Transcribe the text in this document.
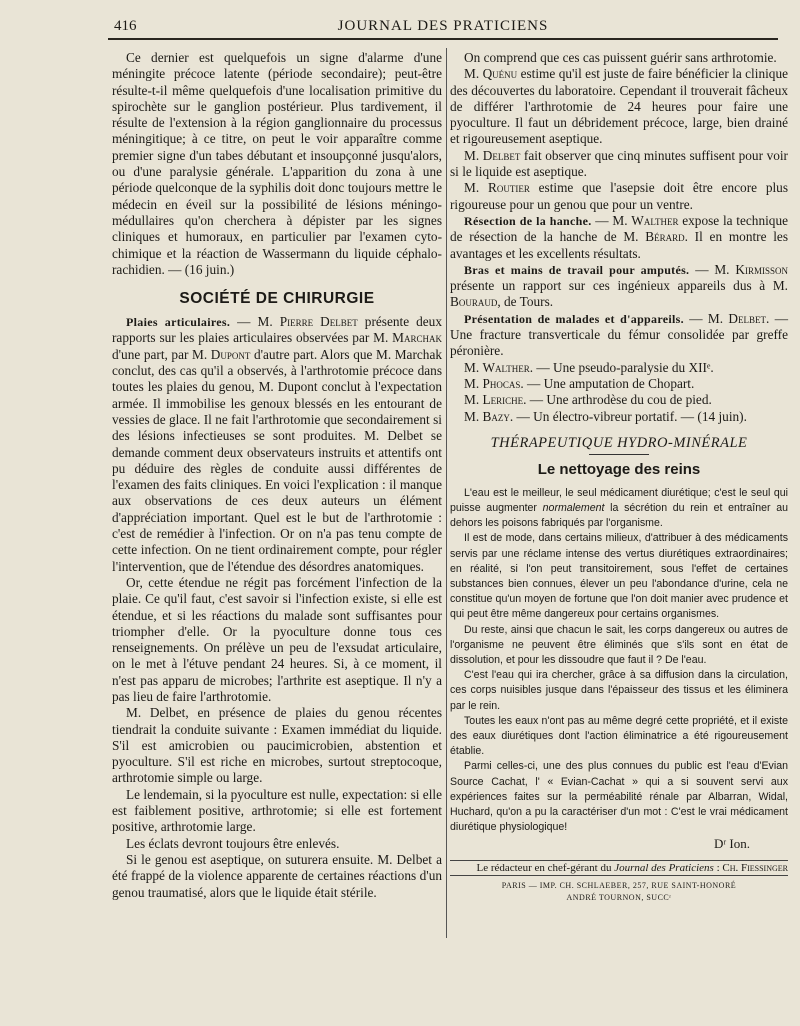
416	JOURNAL DES PRATICIENS

Ce dernier est quelquefois un signe d'alarme d'une méningite précoce latente (période secondaire); peut-être résulte-t-il même quelquefois d'une localisation primitive du spirochète sur le ganglion postérieur. Plus tardivement, il résulte de l'extension à la région ganglionnaire du processus méningitique; à ce titre, on peut le voir apparaître comme premier signe d'un tabes débutant et insoupçonné jusqu'alors, ou d'une paralysie générale. L'apparition du zona à une période quelconque de la syphilis doit donc toujours mettre le médecin en éveil sur la possibilité de lésions méningo-médullaires qu'on cherchera à dépister par les signes cliniques et humoraux, en particulier par l'examen cyto-chimique et la réaction de Wassermann du liquide céphalo-rachidien. — (16 juin.)

SOCIÉTÉ DE CHIRURGIE

Plaies articulaires. — M. Pierre Delbet présente deux rapports sur les plaies articulaires observées par M. Marchak d'une part, par M. Dupont d'autre part. Alors que M. Marchak conclut, des cas qu'il a observés, à l'arthrotomie précoce dans toutes les plaies du genou, M. Dupont conclut à l'expectation armée. Il immobilise les genoux blessés en les entourant de vessies de glace. Il ne fait l'arthrotomie que secondairement si des lésions infectieuses se sont produites. M. Delbet se demande comment deux observateurs instruits et attentifs ont pu déduire des règles de conduite aussi différentes de l'examen des faits cliniques. En voici l'explication : il manque aux observations de ces deux auteurs un élément d'appréciation important. Quel est le but de l'arthrotomie : c'est de remédier à l'infection. Or on n'a pas tenu compte de cette infection. On ne tient ordinairement compte, pour régler l'intervention, que de l'étendue des désordres anatomiques.

Or, cette étendue ne régit pas forcément l'infection de la plaie. Ce qu'il faut, c'est savoir si l'infection existe, si elle est étendue, et si les réactions du malade sont suffisantes pour triompher d'elle. Or la pyoculture donne tous ces renseignements. On prélève un peu de l'exsudat articulaire, on le met à l'étuve pendant 24 heures. Si, à ce moment, il n'est pas apparu de microbes; l'arthrite est aseptique. Il n'y a pas lieu de faire l'arthrotomie.

M. Delbet, en présence de plaies du genou récentes tiendrait la conduite suivante : Examen immédiat du liquide. S'il est amicrobien ou paucimicrobien, abstention et pyoculture. S'il est riche en microbes, surtout streptocoque, arthrotomie simple ou large.

Le lendemain, si la pyoculture est nulle, expectation: si elle est faiblement positive, arthrotomie; si elle est fortement positive, arthrotomie large.

Les éclats devront toujours être enlevés.

Si le genou est aseptique, on suturera ensuite. M. Delbet a été frappé de la violence apparente de certaines réactions d'un genou traumatisé, alors que le liquide était stérile.

On comprend que ces cas puissent guérir sans arthrotomie.

M. Quénu estime qu'il est juste de faire bénéficier la clinique des découvertes du laboratoire. Cependant il trouverait fâcheux de différer l'arthrotomie de 24 heures pour faire une pyoculture. Il faut un débridement précoce, large, bien drainé et rigoureusement aseptique.

M. Delbet fait observer que cinq minutes suffisent pour voir si le liquide est aseptique.

M. Routier estime que l'asepsie doit être encore plus rigoureuse pour un genou que pour un ventre.

Résection de la hanche. — M. Walther expose la technique de résection de la hanche de M. Bérard. Il en montre les avantages et les excellents résultats.

Bras et mains de travail pour amputés. — M. Kirmisson présente un rapport sur ces ingénieux appareils dus à M. Bouraud, de Tours.

Présentation de malades et d'appareils. — M. Delbet. — Une fracture transverticale du fémur consolidée par greffe péronière.

M. Walther. — Une pseudo-paralysie du XIIᵉ.

M. Phocas. — Une amputation de Chopart.

M. Leriche. — Une arthrodèse du cou de pied.

M. Bazy. — Un électro-vibreur portatif. — (14 juin).

THÉRAPEUTIQUE HYDRO-MINÉRALE
Le nettoyage des reins

L'eau est le meilleur, le seul médicament diurétique; c'est le seul qui puisse augmenter normalement la sécrétion du rein et entraîner au dehors les poisons fabriqués par l'organisme.

Il est de mode, dans certains milieux, d'attribuer à des médicaments servis par une réclame intense des vertus diurétiques extraordinaires; en réalité, si l'on peut transitoirement, sous l'effet de certaines substances bien connues, élever un peu l'abondance d'urine, cela ne constitue qu'un moyen de fortune que l'on doit manier avec prudence et qui peut être même dangereux pour certains organismes.

Du reste, ainsi que chacun le sait, les corps dangereux ou autres de l'organisme ne peuvent être éliminés que s'ils sont en état de dissolution, et pour les dissoudre que faut il ? De l'eau.

C'est l'eau qui ira chercher, grâce à sa diffusion dans la circulation, ces corps nuisibles jusque dans l'épaisseur des tissus et les éliminera par le rein.

Toutes les eaux n'ont pas au même degré cette propriété, et il existe des eaux diurétiques dont l'action éliminatrice a été rigoureusement établie.

Parmi celles-ci, une des plus connues du public est l'eau d'Evian Source Cachat, l' « Evian-Cachat » qui a si souvent servi aux expériences faites sur la perméabilité rénale par Albarran, Widal, Huchard, qu'on a pu la caractériser d'un mot : C'est le vrai médicament diurétique physiologique!

Dʳ Ion.

Le rédacteur en chef-gérant du Journal des Praticiens : Ch. Fiessinger
PARIS — IMP. CH. SCHLAEBER, 257, RUE SAINT-HONORÉ
ANDRÉ TOURNON, SUCCʳ
